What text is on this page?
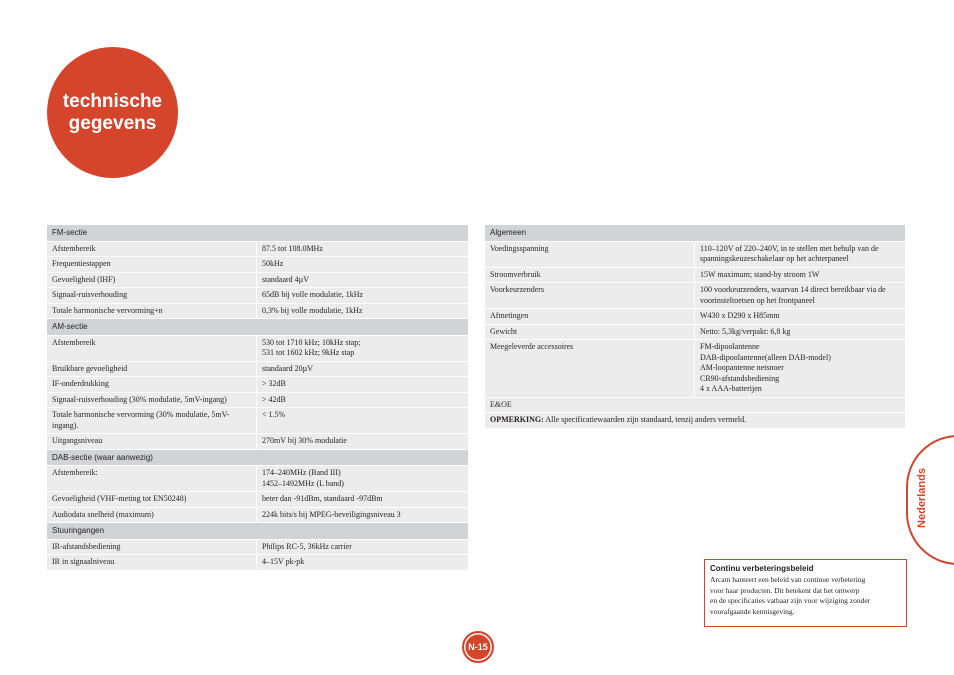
technische
gegevens
FM-sectie	
Afstembereik	87.5 tot 108.0MHz
Frequentiestappen	50kHz
Gevoeligheid (IHF)	standaard 4µV
Signaal-ruisverhouding	65dB bij volle modulatie, 1kHz
Totale harmonische vervorming+n	0,3% bij volle modulatie, 1kHz
AM-sectie	
Afstembereik	530 tot 1710 kHz; 10kHz stap;
531 tot 1602 kHz; 9kHz stap
Bruikbare gevoeligheid	standaard 20µV
IF-onderdrukking	> 32dB
Signaal-ruisverhouding (30% modulatie, 5mV-ingang)	> 42dB
Totale harmonische vervorming (30% modulatie, 5mV-ingang).	< 1.5%
Uitgangsniveau	270mV bij 30% modulatie
DAB-sectie (waar aanwezig)	
Afstembereik:	174–240MHz (Band III)
1452–1492MHz (L band)
Gevoeligheid (VHF-meting tot EN50248)	beter dan -91dBm, standaard -97dBm
Audiodata snelheid (maximum)	224k bits/s bij MPEG-beveiligingsniveau 3
Stuuringangen	
IR-afstandsbediening	Philips RC-5, 36kHz carrier
IR in signaalniveau	4–15V pk-pk
Algemeen	
Voedingsspanning	110–120V of 220–240V, in te stellen met behulp van de spanningskeuzeschakelaar op het achterpaneel
Stroomverbruik	15W maximum; stand-by stroom 1W
Voorkeurzenders	100 voorkeurzenders, waarvan 14 direct bereikbaar via de voorinsteltoetsen op het frontpaneel
Afmetingen	W430 x D290 x H85mm
Gewicht	Netto: 5,3kg/verpakt: 6,8 kg
Meegeleverde accessoires	FM-dipoolantenne
DAB-dipoolantenne(alleen DAB-model)
AM-loopantenne netsnoer
CR90-afstandsbediening
4 x AAA-batterijen
E&OE	
OPMERKING: Alle specificatiewaarden zijn standaard, tenzij anders vermeld.	
Nederlands
Continu verbeteringsbeleid
Arcam hanteert een beleid van continue verbetering
voor haar producten. Dit betekent dat het ontwerp
en de specificaties vatbaar zijn voor wijziging zonder
voorafgaande kennisgeving.
N-15
